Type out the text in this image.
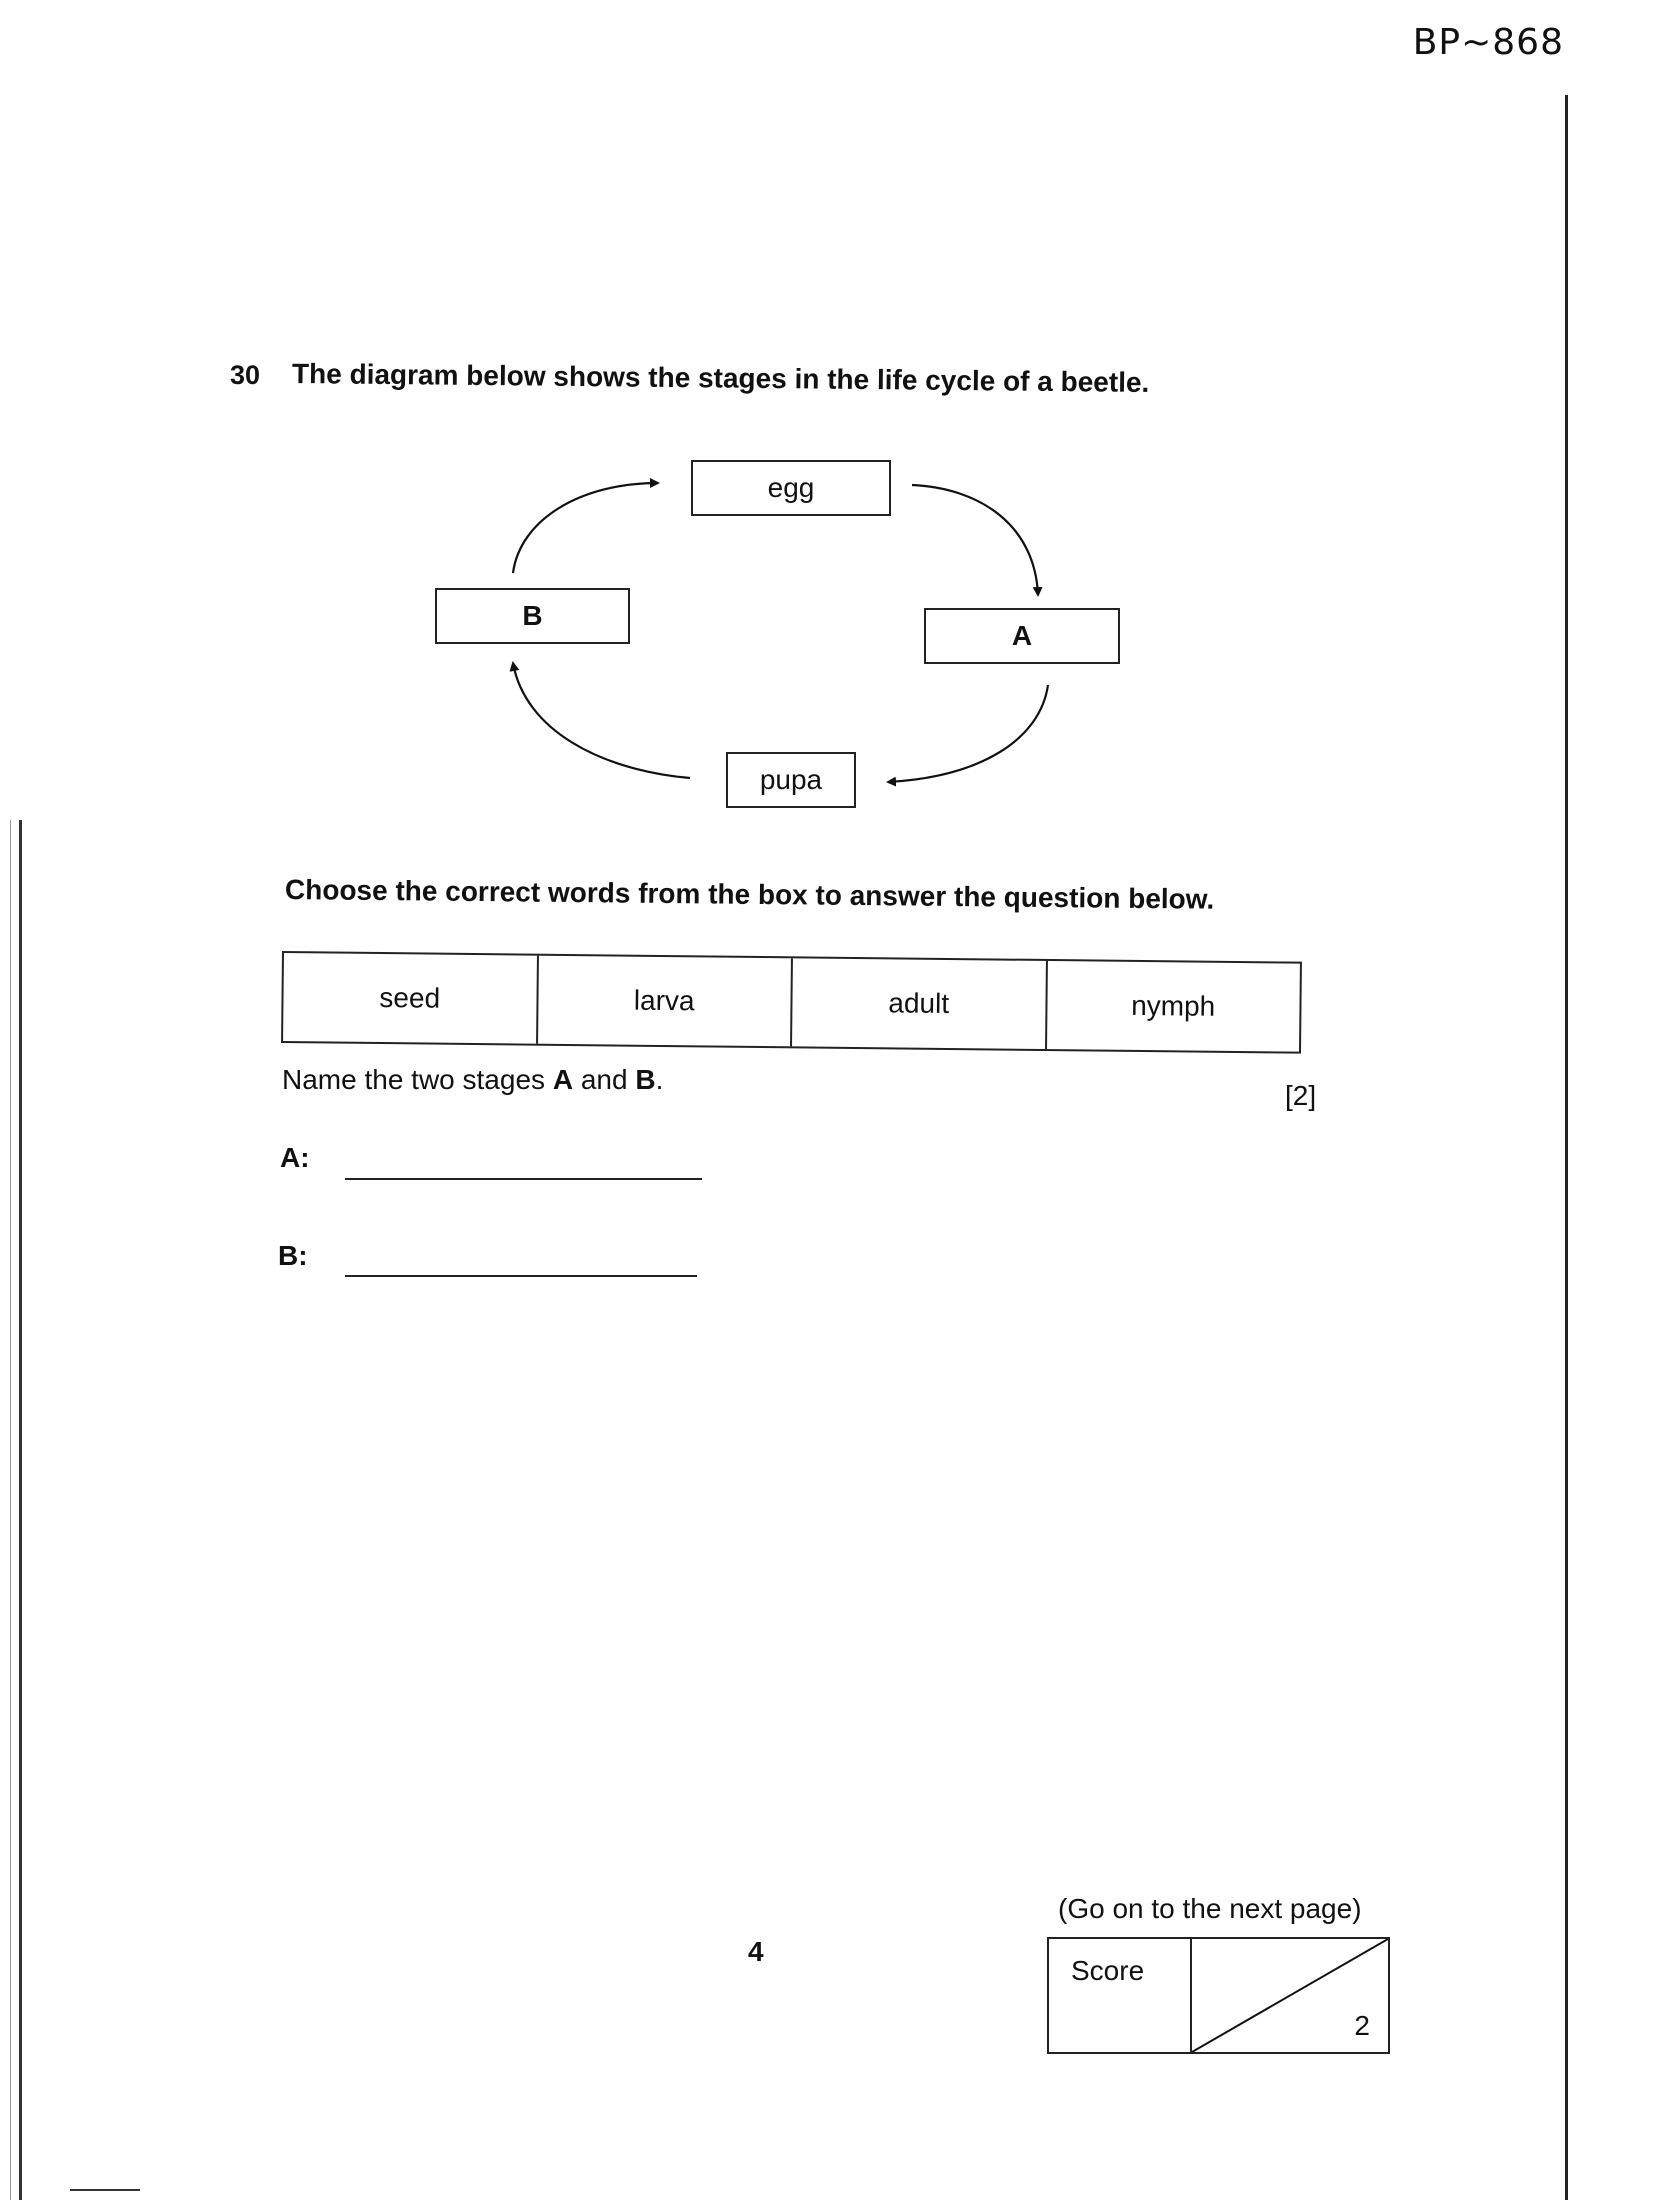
BP~868
30 The diagram below shows the stages in the life cycle of a beetle.
egg
A
pupa
B
Choose the correct words from the box to answer the question below.
seed	larva	adult	nymph
Name the two stages A and B.
[2]
A:
B:
(Go on to the next page)
4
Score
2
